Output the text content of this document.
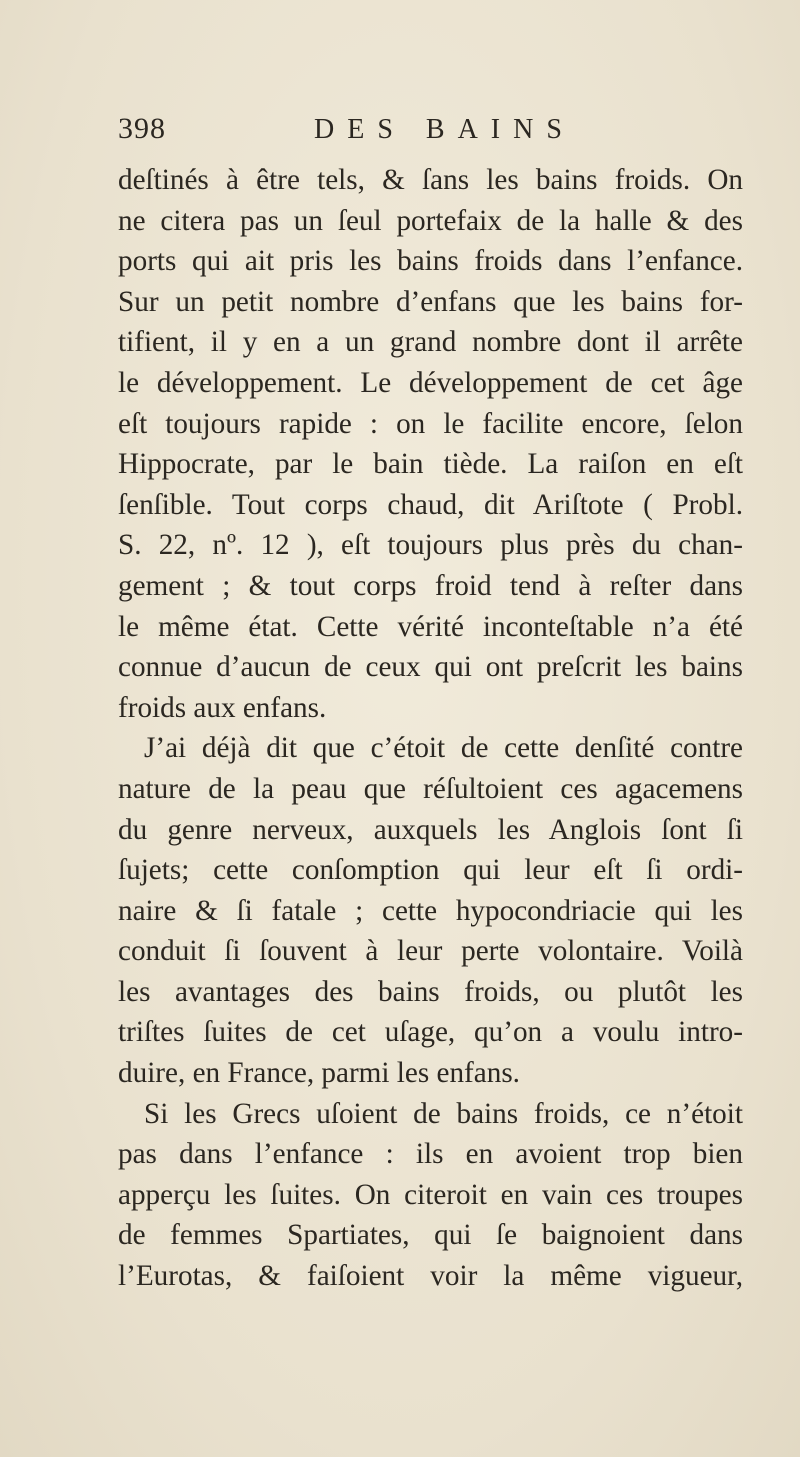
398	DES BAINS
deſtinés à être tels, & ſans les bains froids. On
ne citera pas un ſeul portefaix de la halle & des
ports qui ait pris les bains froids dans l’enfance.
Sur un petit nombre d’enfans que les bains for-
tifient, il y en a un grand nombre dont il arrête
le développement. Le développement de cet âge
eſt toujours rapide : on le facilite encore, ſelon
Hippocrate, par le bain tiède. La raiſon en eſt
ſenſible. Tout corps chaud, dit Ariſtote ( Probl.
S. 22, nº. 12 ), eſt toujours plus près du chan-
gement ; & tout corps froid tend à reſter dans
le même état. Cette vérité inconteſtable n’a été
connue d’aucun de ceux qui ont preſcrit les bains
froids aux enfans.
J’ai déjà dit que c’étoit de cette denſité contre
nature de la peau que réſultoient ces agacemens
du genre nerveux, auxquels les Anglois ſont ſi
ſujets; cette conſomption qui leur eſt ſi ordi-
naire & ſi fatale ; cette hypocondriacie qui les
conduit ſi ſouvent à leur perte volontaire. Voilà
les avantages des bains froids, ou plutôt les
triſtes ſuites de cet uſage, qu’on a voulu intro-
duire, en France, parmi les enfans.
Si les Grecs uſoient de bains froids, ce n’étoit
pas dans l’enfance : ils en avoient trop bien
apperçu les ſuites. On citeroit en vain ces troupes
de femmes Spartiates, qui ſe baignoient dans
l’Eurotas, & faiſoient voir la même vigueur,
